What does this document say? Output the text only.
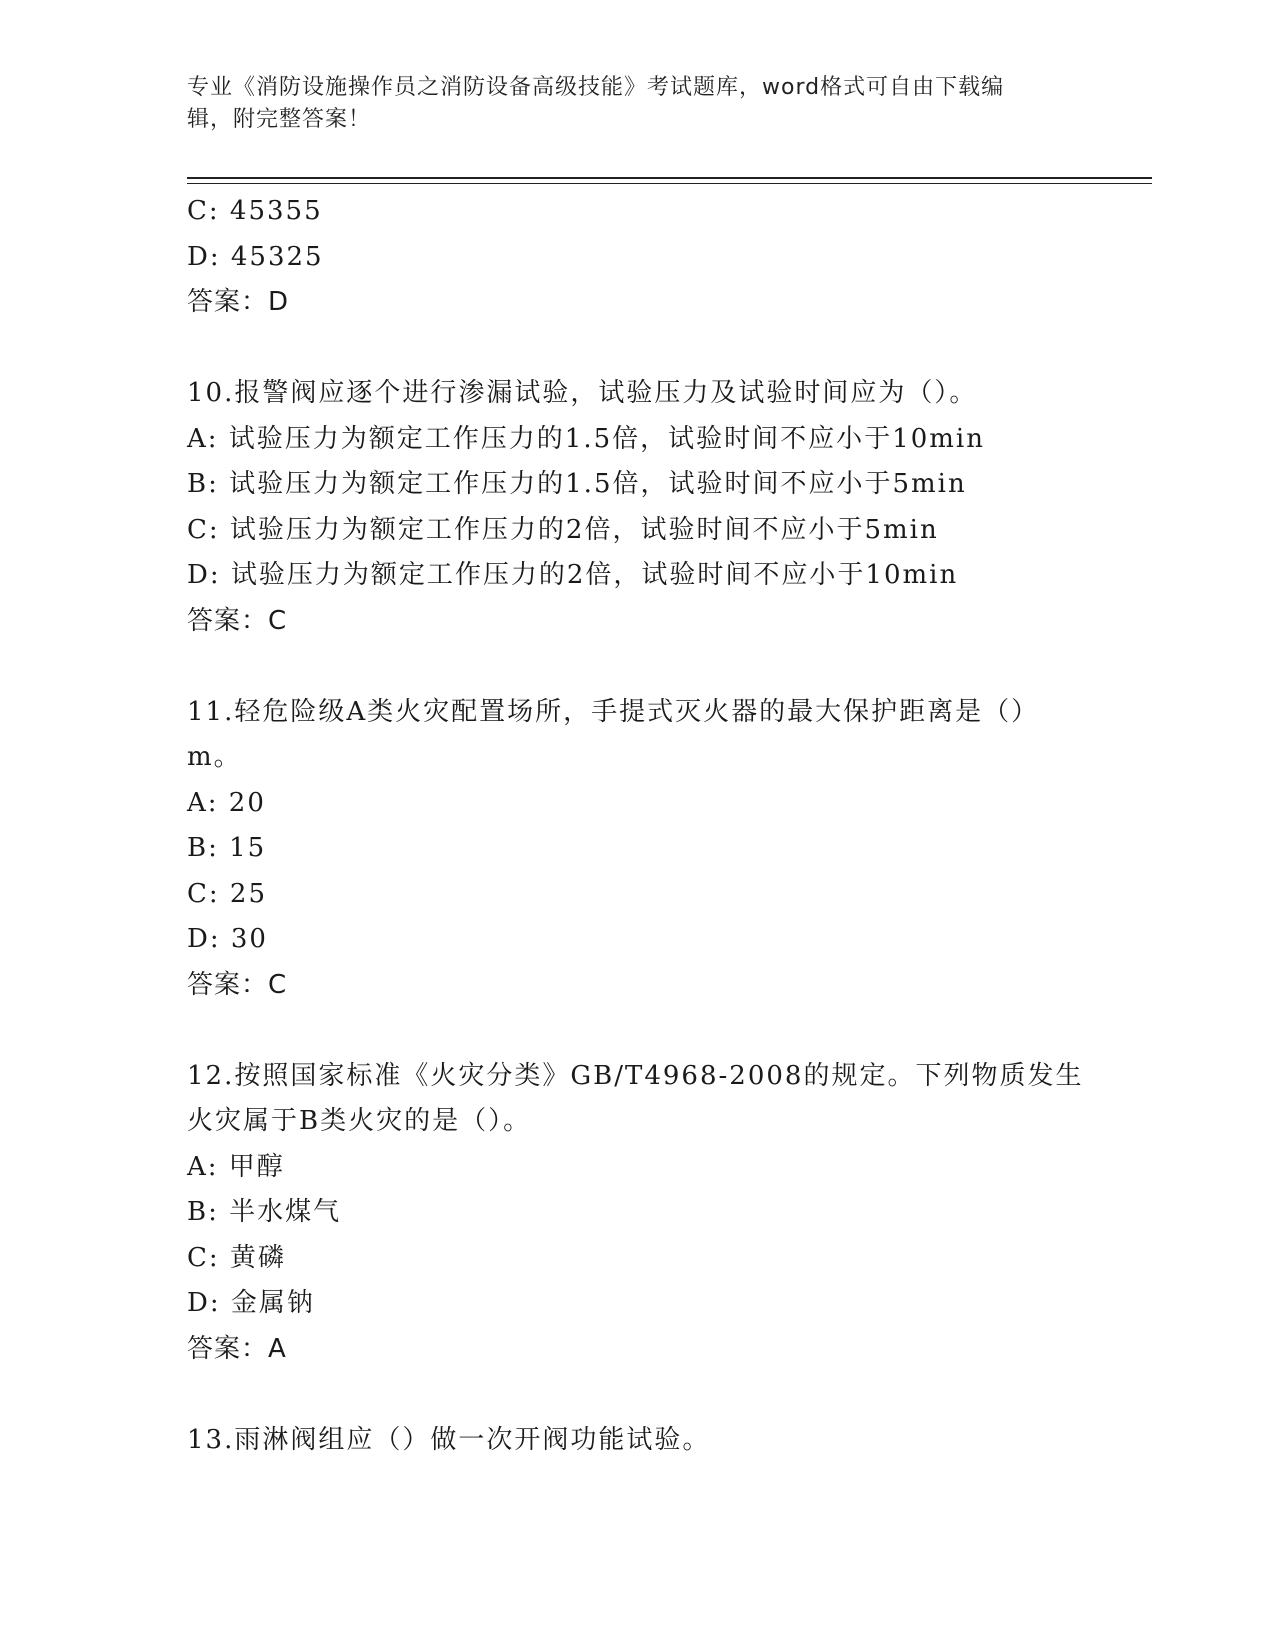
专业《消防设施操作员之消防设备高级技能》考试题库，word格式可自由下载编
辑，附完整答案！
C: 45355
D: 45325
答案：D
10.报警阀应逐个进行渗漏试验，试验压力及试验时间应为（）。
A: 试验压力为额定工作压力的1.5倍，试验时间不应小于10min
B: 试验压力为额定工作压力的1.5倍，试验时间不应小于5min
C: 试验压力为额定工作压力的2倍，试验时间不应小于5min
D: 试验压力为额定工作压力的2倍，试验时间不应小于10min
答案：C
11.轻危险级A类火灾配置场所，手提式灭火器的最大保护距离是（）
m。
A: 20
B: 15
C: 25
D: 30
答案：C
12.按照国家标准《火灾分类》GB/T4968-2008的规定。下列物质发生
火灾属于B类火灾的是（）。
A: 甲醇
B: 半水煤气
C: 黄磷
D: 金属钠
答案：A
13.雨淋阀组应（）做一次开阀功能试验。
